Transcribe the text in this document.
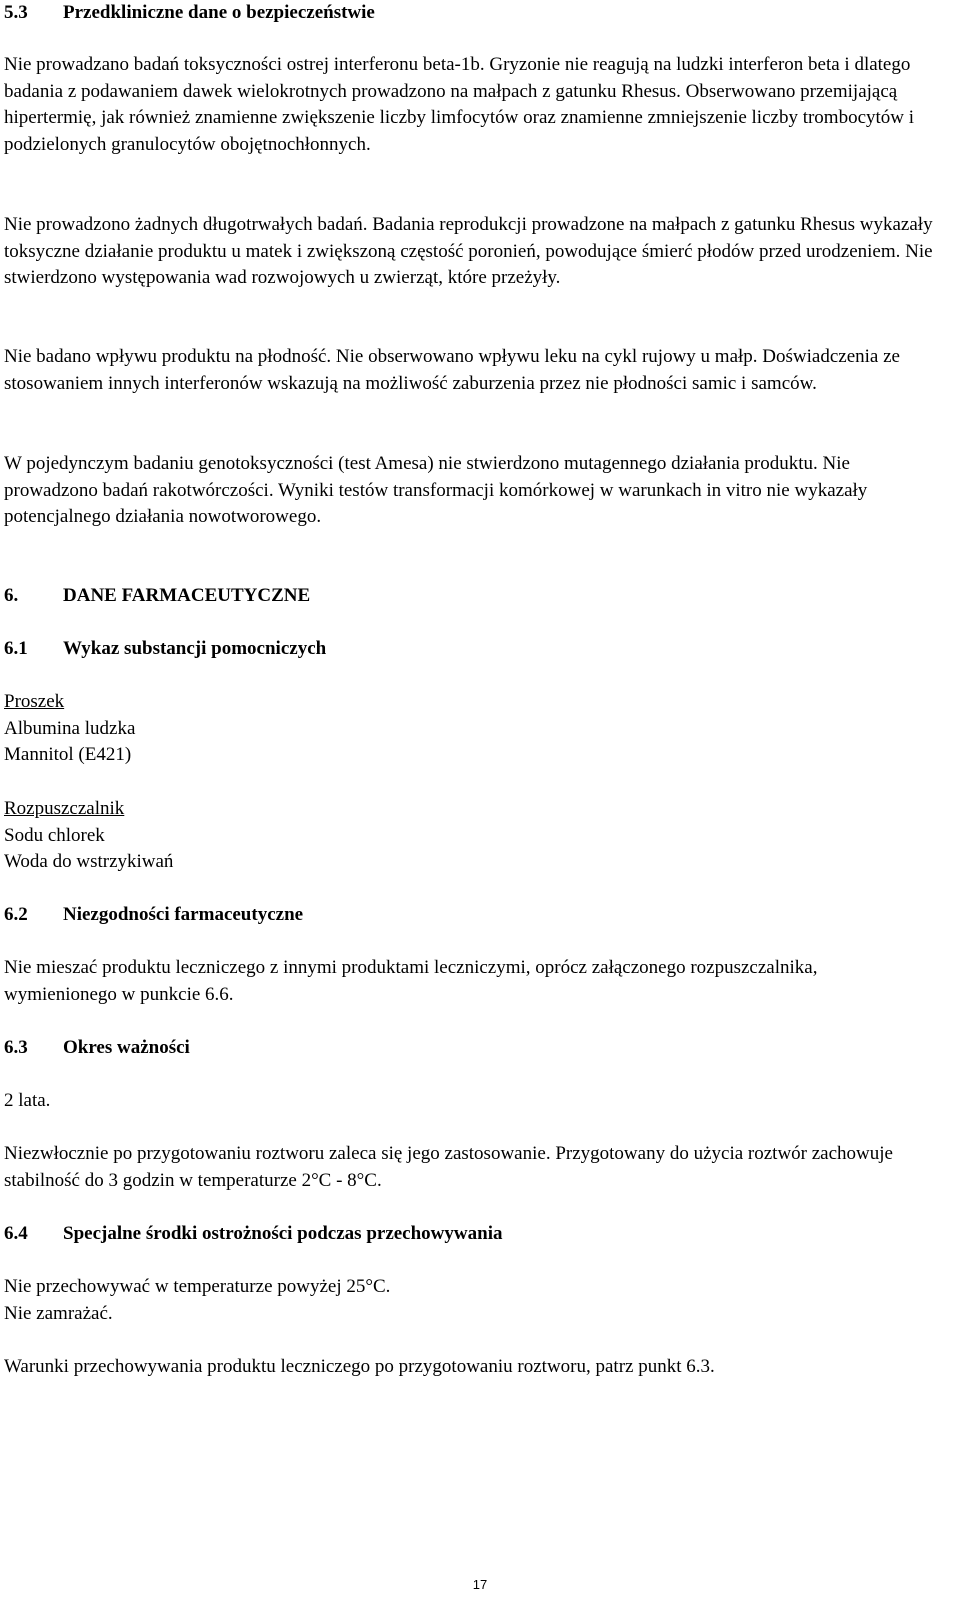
5.3 Przedkliniczne dane o bezpieczeństwie

Nie prowadzano badań toksyczności ostrej interferonu beta-1b. Gryzonie nie reagują na ludzki interferon beta i dlatego badania z podawaniem dawek wielokrotnych prowadzono na małpach z gatunku Rhesus. Obserwowano przemijającą hipertermię, jak również znamienne zwiększenie liczby limfocytów oraz znamienne zmniejszenie liczby trombocytów i podzielonych granulocytów obojętnochłonnych.

Nie prowadzono żadnych długotrwałych badań. Badania reprodukcji prowadzone na małpach z gatunku Rhesus wykazały toksyczne działanie produktu u matek i zwiększoną częstość poronień, powodujące śmierć płodów przed urodzeniem. Nie stwierdzono występowania wad rozwojowych u zwierząt, które przeżyły.

Nie badano wpływu produktu na płodność. Nie obserwowano wpływu leku na cykl rujowy u małp. Doświadczenia ze stosowaniem innych interferonów wskazują na możliwość zaburzenia przez nie płodności samic i samców.

W pojedynczym badaniu genotoksyczności (test Amesa) nie stwierdzono mutagennego działania produktu. Nie prowadzono badań rakotwórczości. Wyniki testów transformacji komórkowej w warunkach in vitro nie wykazały potencjalnego działania nowotworowego.

6. DANE FARMACEUTYCZNE
6.1 Wykaz substancji pomocniczych

Proszek

Albumina ludzka

Mannitol (E421)

Rozpuszczalnik

Sodu chlorek

Woda do wstrzykiwań

6.2 Niezgodności farmaceutyczne

Nie mieszać produktu leczniczego z innymi produktami leczniczymi, oprócz załączonego rozpuszczalnika, wymienionego w punkcie 6.6.

6.3 Okres ważności

2 lata.

Niezwłocznie po przygotowaniu roztworu zaleca się jego zastosowanie. Przygotowany do użycia roztwór zachowuje stabilność do 3 godzin w temperaturze 2°C - 8°C.

6.4 Specjalne środki ostrożności podczas przechowywania

Nie przechowywać w temperaturze powyżej 25°C.

Nie zamrażać.

Warunki przechowywania produktu leczniczego po przygotowaniu roztworu, patrz punkt 6.3.

17
